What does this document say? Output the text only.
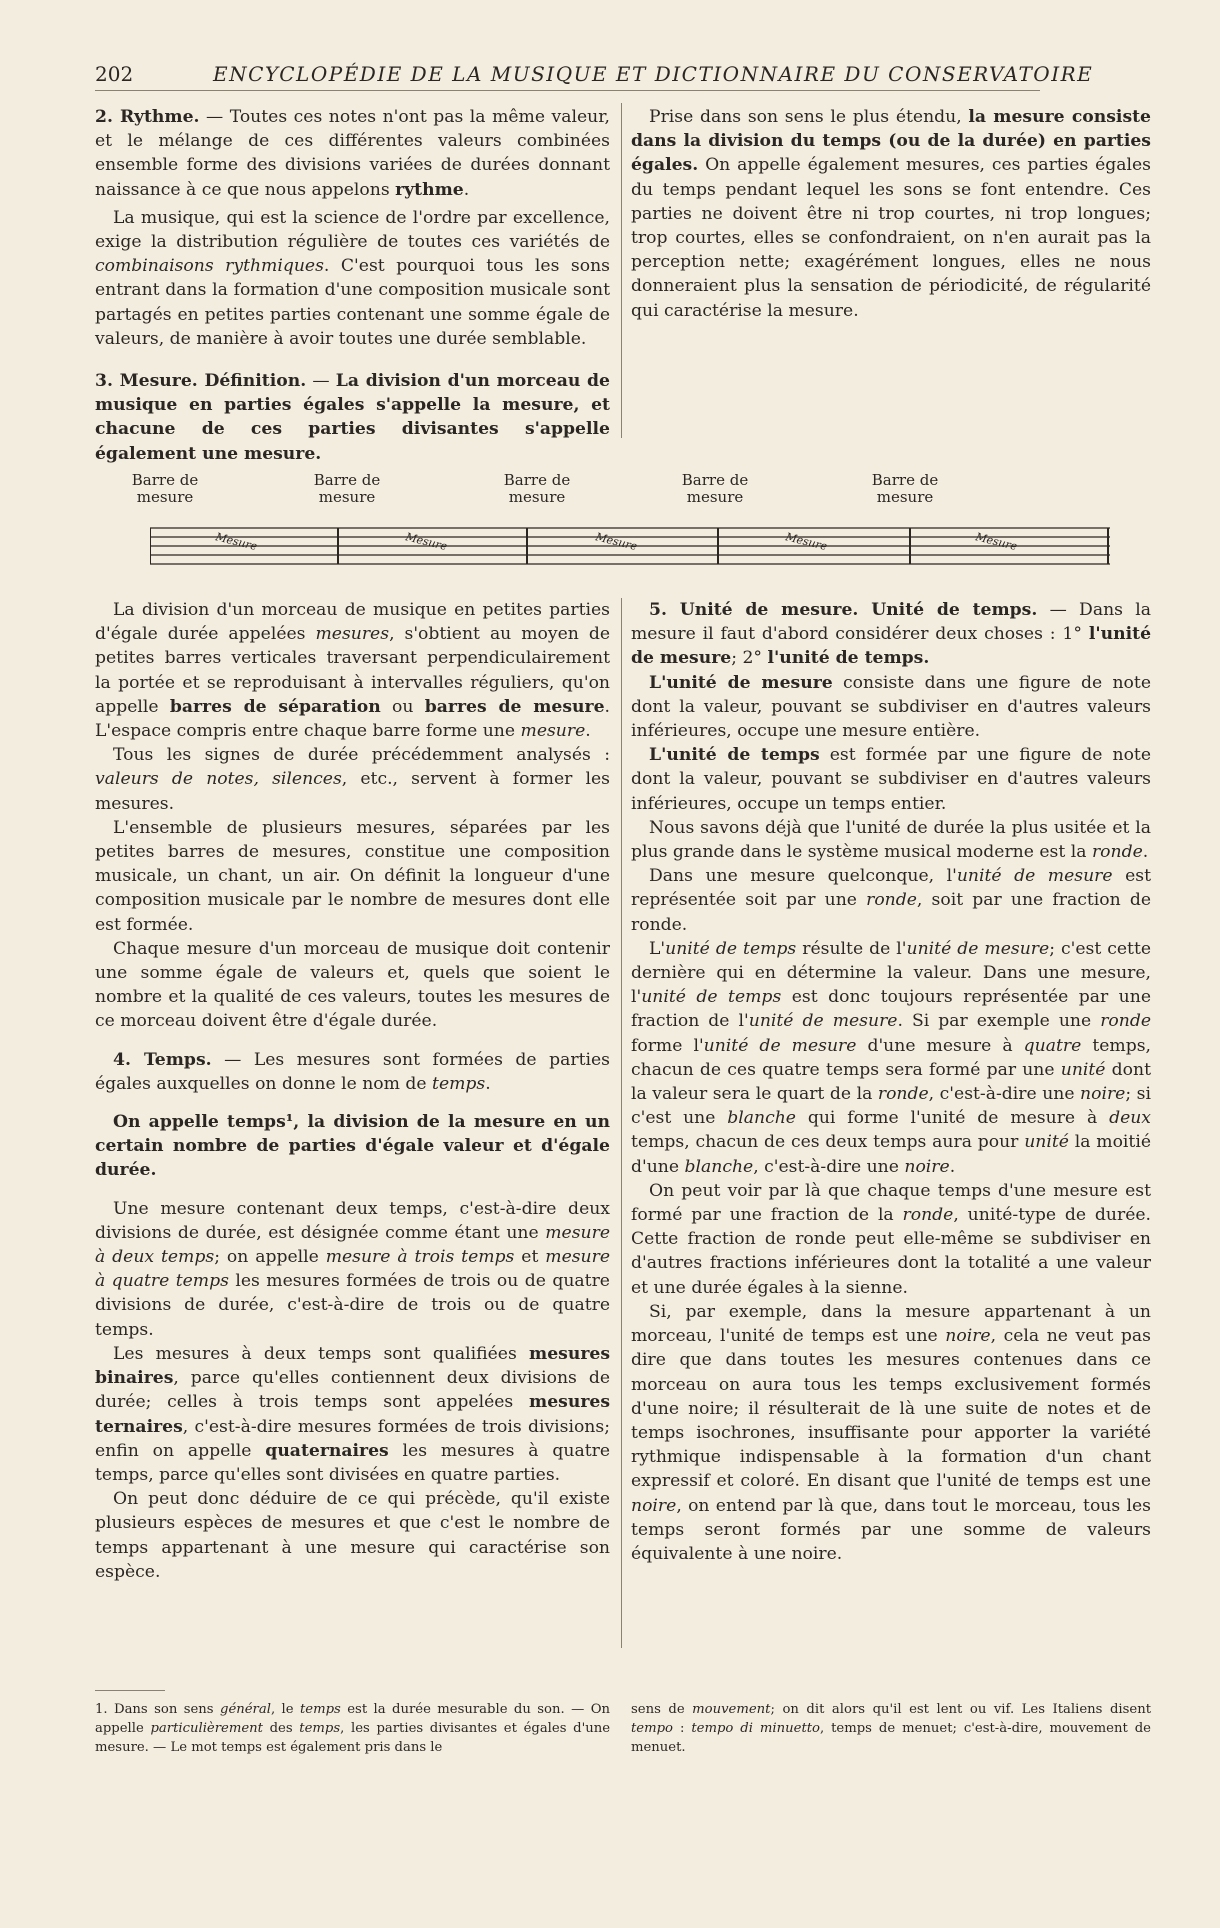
202	ENCYCLOPÉDIE DE LA MUSIQUE ET DICTIONNAIRE DU CONSERVATOIRE

2. Rythme. — Toutes ces notes n'ont pas la même valeur, et le mélange de ces différentes valeurs combinées ensemble forme des divisions variées de durées donnant naissance à ce que nous appelons rythme.

La musique, qui est la science de l'ordre par excellence, exige la distribution régulière de toutes ces variétés de combinaisons rythmiques. C'est pourquoi tous les sons entrant dans la formation d'une composition musicale sont partagés en petites parties contenant une somme égale de valeurs, de manière à avoir toutes une durée semblable.

3. Mesure. Définition. — La division d'un morceau de musique en parties égales s'appelle la mesure, et chacune de ces parties divisantes s'appelle également une mesure.

Prise dans son sens le plus étendu, la mesure consiste dans la division du temps (ou de la durée) en parties égales. On appelle également mesures, ces parties égales du temps pendant lequel les sons se font entendre. Ces parties ne doivent être ni trop courtes, ni trop longues; trop courtes, elles se confondraient, on n'en aurait pas la perception nette; exagérément longues, elles ne nous donneraient plus la sensation de périodicité, de régularité qui caractérise la mesure.

Barre de mesure
Barre de mesure
Barre de mesure
Barre de mesure
Barre de mesure
Mesure	Mesure	Mesure	Mesure	Mesure

La division d'un morceau de musique en petites parties d'égale durée appelées mesures, s'obtient au moyen de petites barres verticales traversant perpendiculairement la portée et se reproduisant à intervalles réguliers, qu'on appelle barres de séparation ou barres de mesure. L'espace compris entre chaque barre forme une mesure.

Tous les signes de durée précédemment analysés : valeurs de notes, silences, etc., servent à former les mesures.

L'ensemble de plusieurs mesures, séparées par les petites barres de mesures, constitue une composition musicale, un chant, un air. On définit la longueur d'une composition musicale par le nombre de mesures dont elle est formée.

Chaque mesure d'un morceau de musique doit contenir une somme égale de valeurs et, quels que soient le nombre et la qualité de ces valeurs, toutes les mesures de ce morceau doivent être d'égale durée.

4. Temps. — Les mesures sont formées de parties égales auxquelles on donne le nom de temps.

On appelle temps¹, la division de la mesure en un certain nombre de parties d'égale valeur et d'égale durée.

Une mesure contenant deux temps, c'est-à-dire deux divisions de durée, est désignée comme étant une mesure à deux temps; on appelle mesure à trois temps et mesure à quatre temps les mesures formées de trois ou de quatre divisions de durée, c'est-à-dire de trois ou de quatre temps.

Les mesures à deux temps sont qualifiées mesures binaires, parce qu'elles contiennent deux divisions de durée; celles à trois temps sont appelées mesures ternaires, c'est-à-dire mesures formées de trois divisions; enfin on appelle quaternaires les mesures à quatre temps, parce qu'elles sont divisées en quatre parties.

On peut donc déduire de ce qui précède, qu'il existe plusieurs espèces de mesures et que c'est le nombre de temps appartenant à une mesure qui caractérise son espèce.

5. Unité de mesure. Unité de temps. — Dans la mesure il faut d'abord considérer deux choses : 1° l'unité de mesure; 2° l'unité de temps.

L'unité de mesure consiste dans une figure de note dont la valeur, pouvant se subdiviser en d'autres valeurs inférieures, occupe une mesure entière.

L'unité de temps est formée par une figure de note dont la valeur, pouvant se subdiviser en d'autres valeurs inférieures, occupe un temps entier.

Nous savons déjà que l'unité de durée la plus usitée et la plus grande dans le système musical moderne est la ronde.

Dans une mesure quelconque, l'unité de mesure est représentée soit par une ronde, soit par une fraction de ronde.

L'unité de temps résulte de l'unité de mesure; c'est cette dernière qui en détermine la valeur. Dans une mesure, l'unité de temps est donc toujours représentée par une fraction de l'unité de mesure. Si par exemple une ronde forme l'unité de mesure d'une mesure à quatre temps, chacun de ces quatre temps sera formé par une unité dont la valeur sera le quart de la ronde, c'est-à-dire une noire; si c'est une blanche qui forme l'unité de mesure à deux temps, chacun de ces deux temps aura pour unité la moitié d'une blanche, c'est-à-dire une noire.

On peut voir par là que chaque temps d'une mesure est formé par une fraction de la ronde, unité-type de durée. Cette fraction de ronde peut elle-même se subdiviser en d'autres fractions inférieures dont la totalité a une valeur et une durée égales à la sienne.

Si, par exemple, dans la mesure appartenant à un morceau, l'unité de temps est une noire, cela ne veut pas dire que dans toutes les mesures contenues dans ce morceau on aura tous les temps exclusivement formés d'une noire; il résulterait de là une suite de notes et de temps isochrones, insuffisante pour apporter la variété rythmique indispensable à la formation d'un chant expressif et coloré. En disant que l'unité de temps est une noire, on entend par là que, dans tout le morceau, tous les temps seront formés par une somme de valeurs équivalente à une noire.

1. Dans son sens général, le temps est la durée mesurable du son. — On appelle particulièrement des temps, les parties divisantes et égales d'une mesure. — Le mot temps est également pris dans le
sens de mouvement; on dit alors qu'il est lent ou vif. Les Italiens disent tempo : tempo di minuetto, temps de menuet; c'est-à-dire, mouvement de menuet.
